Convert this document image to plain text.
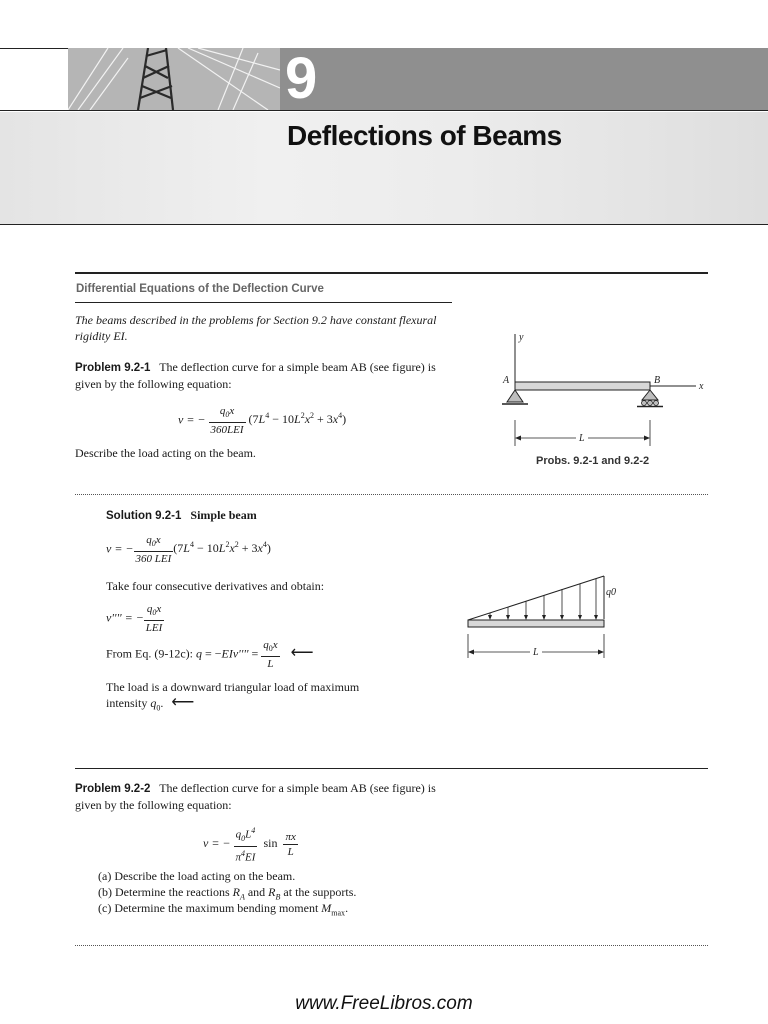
9
Deflections of Beams
Differential Equations of the Deflection Curve
The beams described in the problems for Section 9.2 have constant flexural rigidity EI.
Problem 9.2-1 The deflection curve for a simple beam AB (see figure) is given by the following equation:
v = − $\frac{q_0x}{\text{360LEI}} (7L^4 - 10L^2x^2 + 3x^4)$
Describe the load acting on the beam.
y
x
A	B
L
Probs. 9.2-1 and 9.2-2
Solution 9.2-1 Simple beam
v = − $\frac{q_0x}{\text{360 LEI}} (7L^4 - 10L^2x^2 + 3x^4)$
Take four consecutive derivatives and obtain:
v'''' = − $\frac{q_0x}{\text{LEI}}$
From Eq. (9-12c): $q = -EIv'''' = \frac{q_0x}{L}$ ⟵
The load is a downward triangular load of maximum intensity $q_0$.  ⟵
q0
L
Problem 9.2-2 The deflection curve for a simple beam AB (see figure) is given by the following equation:
v = − $\frac{q_0L^4}{\pi^4EI}$ $\sin \frac{\pi x}{L}$
(a) Describe the load acting on the beam.
(b) Determine the reactions $R_A$ and $R_B$ at the supports.
(c) Determine the maximum bending moment $M_{max}$.
www.FreeLibros.com
